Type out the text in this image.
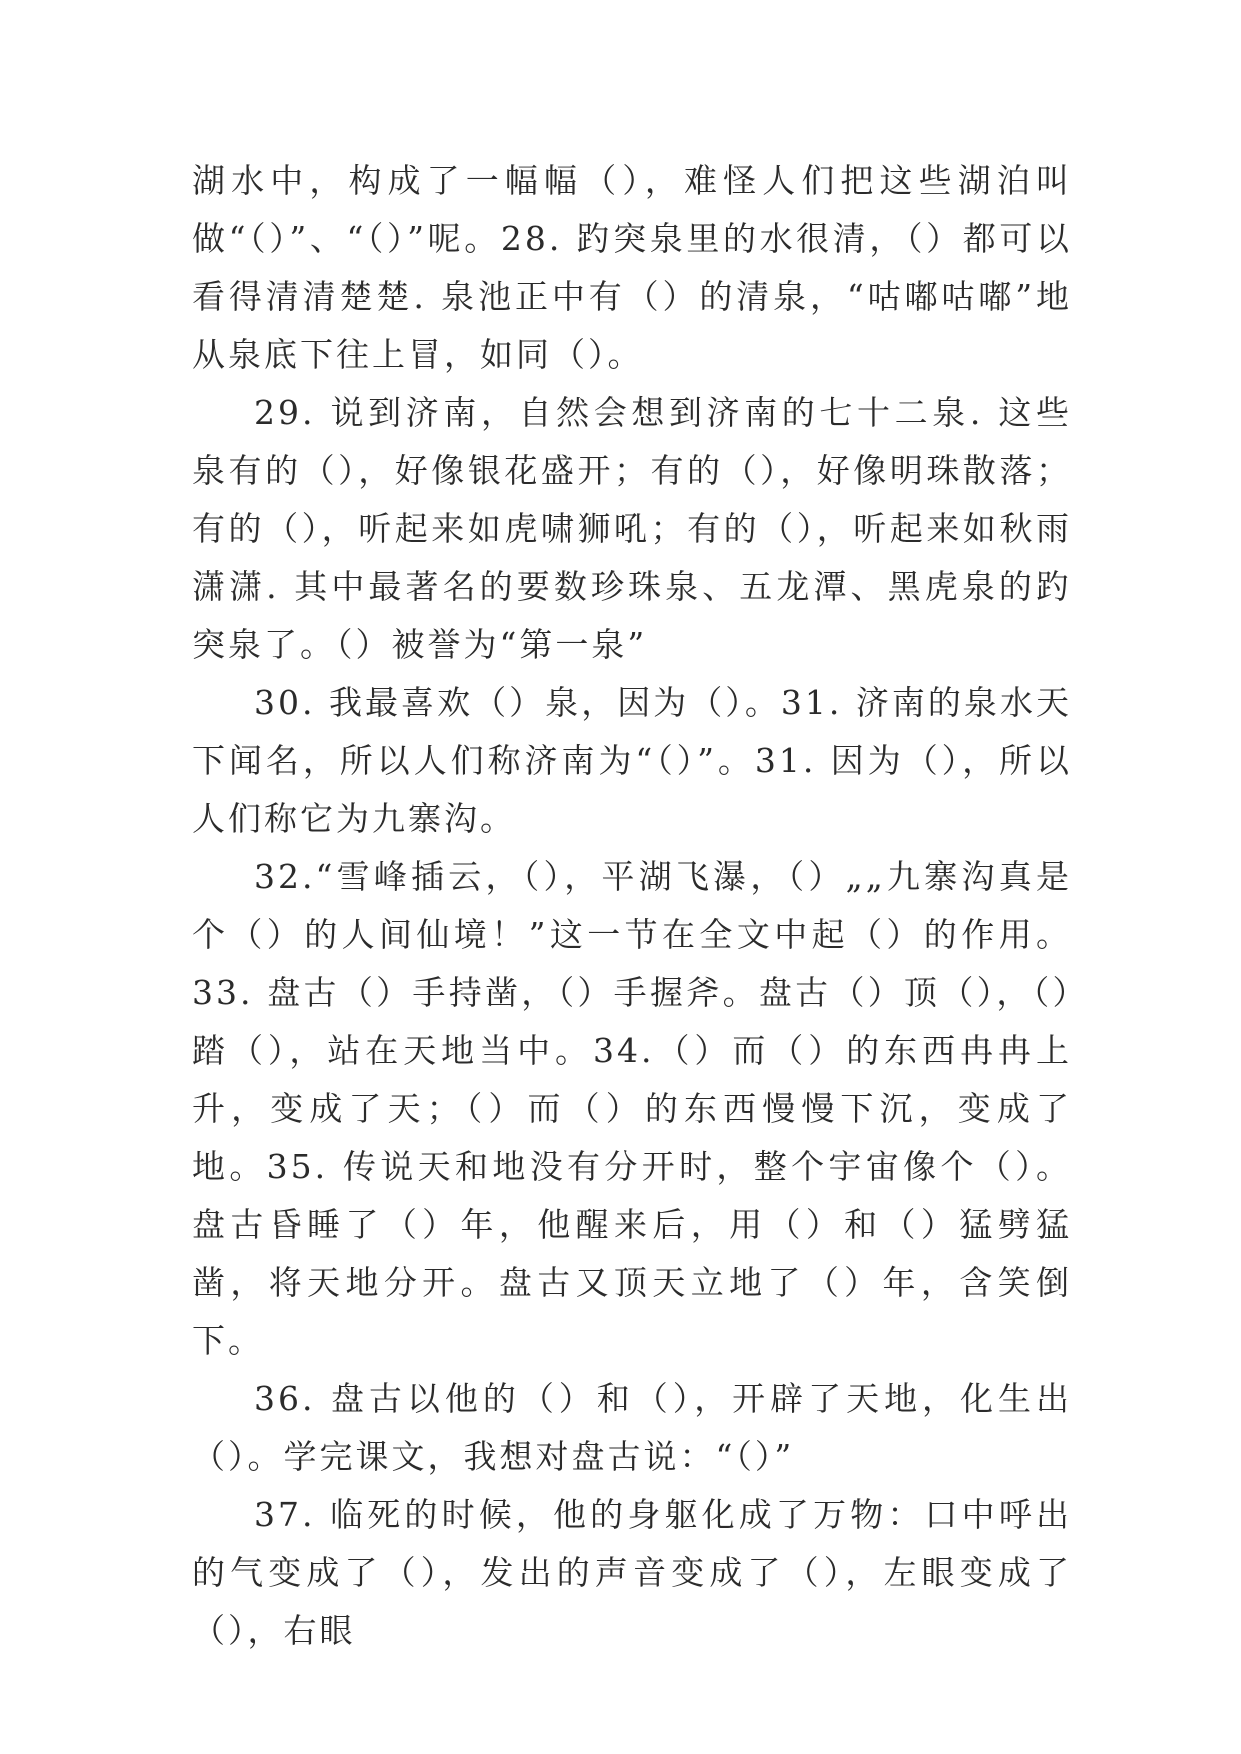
湖水中，构成了一幅幅（），难怪人们把这些湖泊叫做“（）”、“（）”呢。28. 趵突泉里的水很清，（）都可以看得清清楚楚. 泉池正中有（）的清泉，“咕嘟咕嘟”地从泉底下往上冒，如同（）。

29. 说到济南，自然会想到济南的七十二泉. 这些泉有的（），好像银花盛开；有的（），好像明珠散落；有的（），听起来如虎啸狮吼；有的（），听起来如秋雨潇潇. 其中最著名的要数珍珠泉、五龙潭、黑虎泉的趵突泉了。（）被誉为“第一泉”

30. 我最喜欢（）泉，因为（）。31. 济南的泉水天下闻名，所以人们称济南为“（）”。31. 因为（），所以人们称它为九寨沟。

32.“雪峰插云，（），平湖飞瀑，（）„„九寨沟真是个（）的人间仙境！”这一节在全文中起（）的作用。33. 盘古（）手持凿，（）手握斧。盘古（）顶（），（）踏（），站在天地当中。34.（）而（）的东西冉冉上升，变成了天；（）而（）的东西慢慢下沉，变成了地。35. 传说天和地没有分开时，整个宇宙像个（）。盘古昏睡了（）年，他醒来后，用（）和（）猛劈猛凿，将天地分开。盘古又顶天立地了（）年，含笑倒下。

36. 盘古以他的（）和（），开辟了天地，化生出（）。学完课文，我想对盘古说：“（）”

37. 临死的时候，他的身躯化成了万物：口中呼出的气变成了（），发出的声音变成了（），左眼变成了（），右眼
